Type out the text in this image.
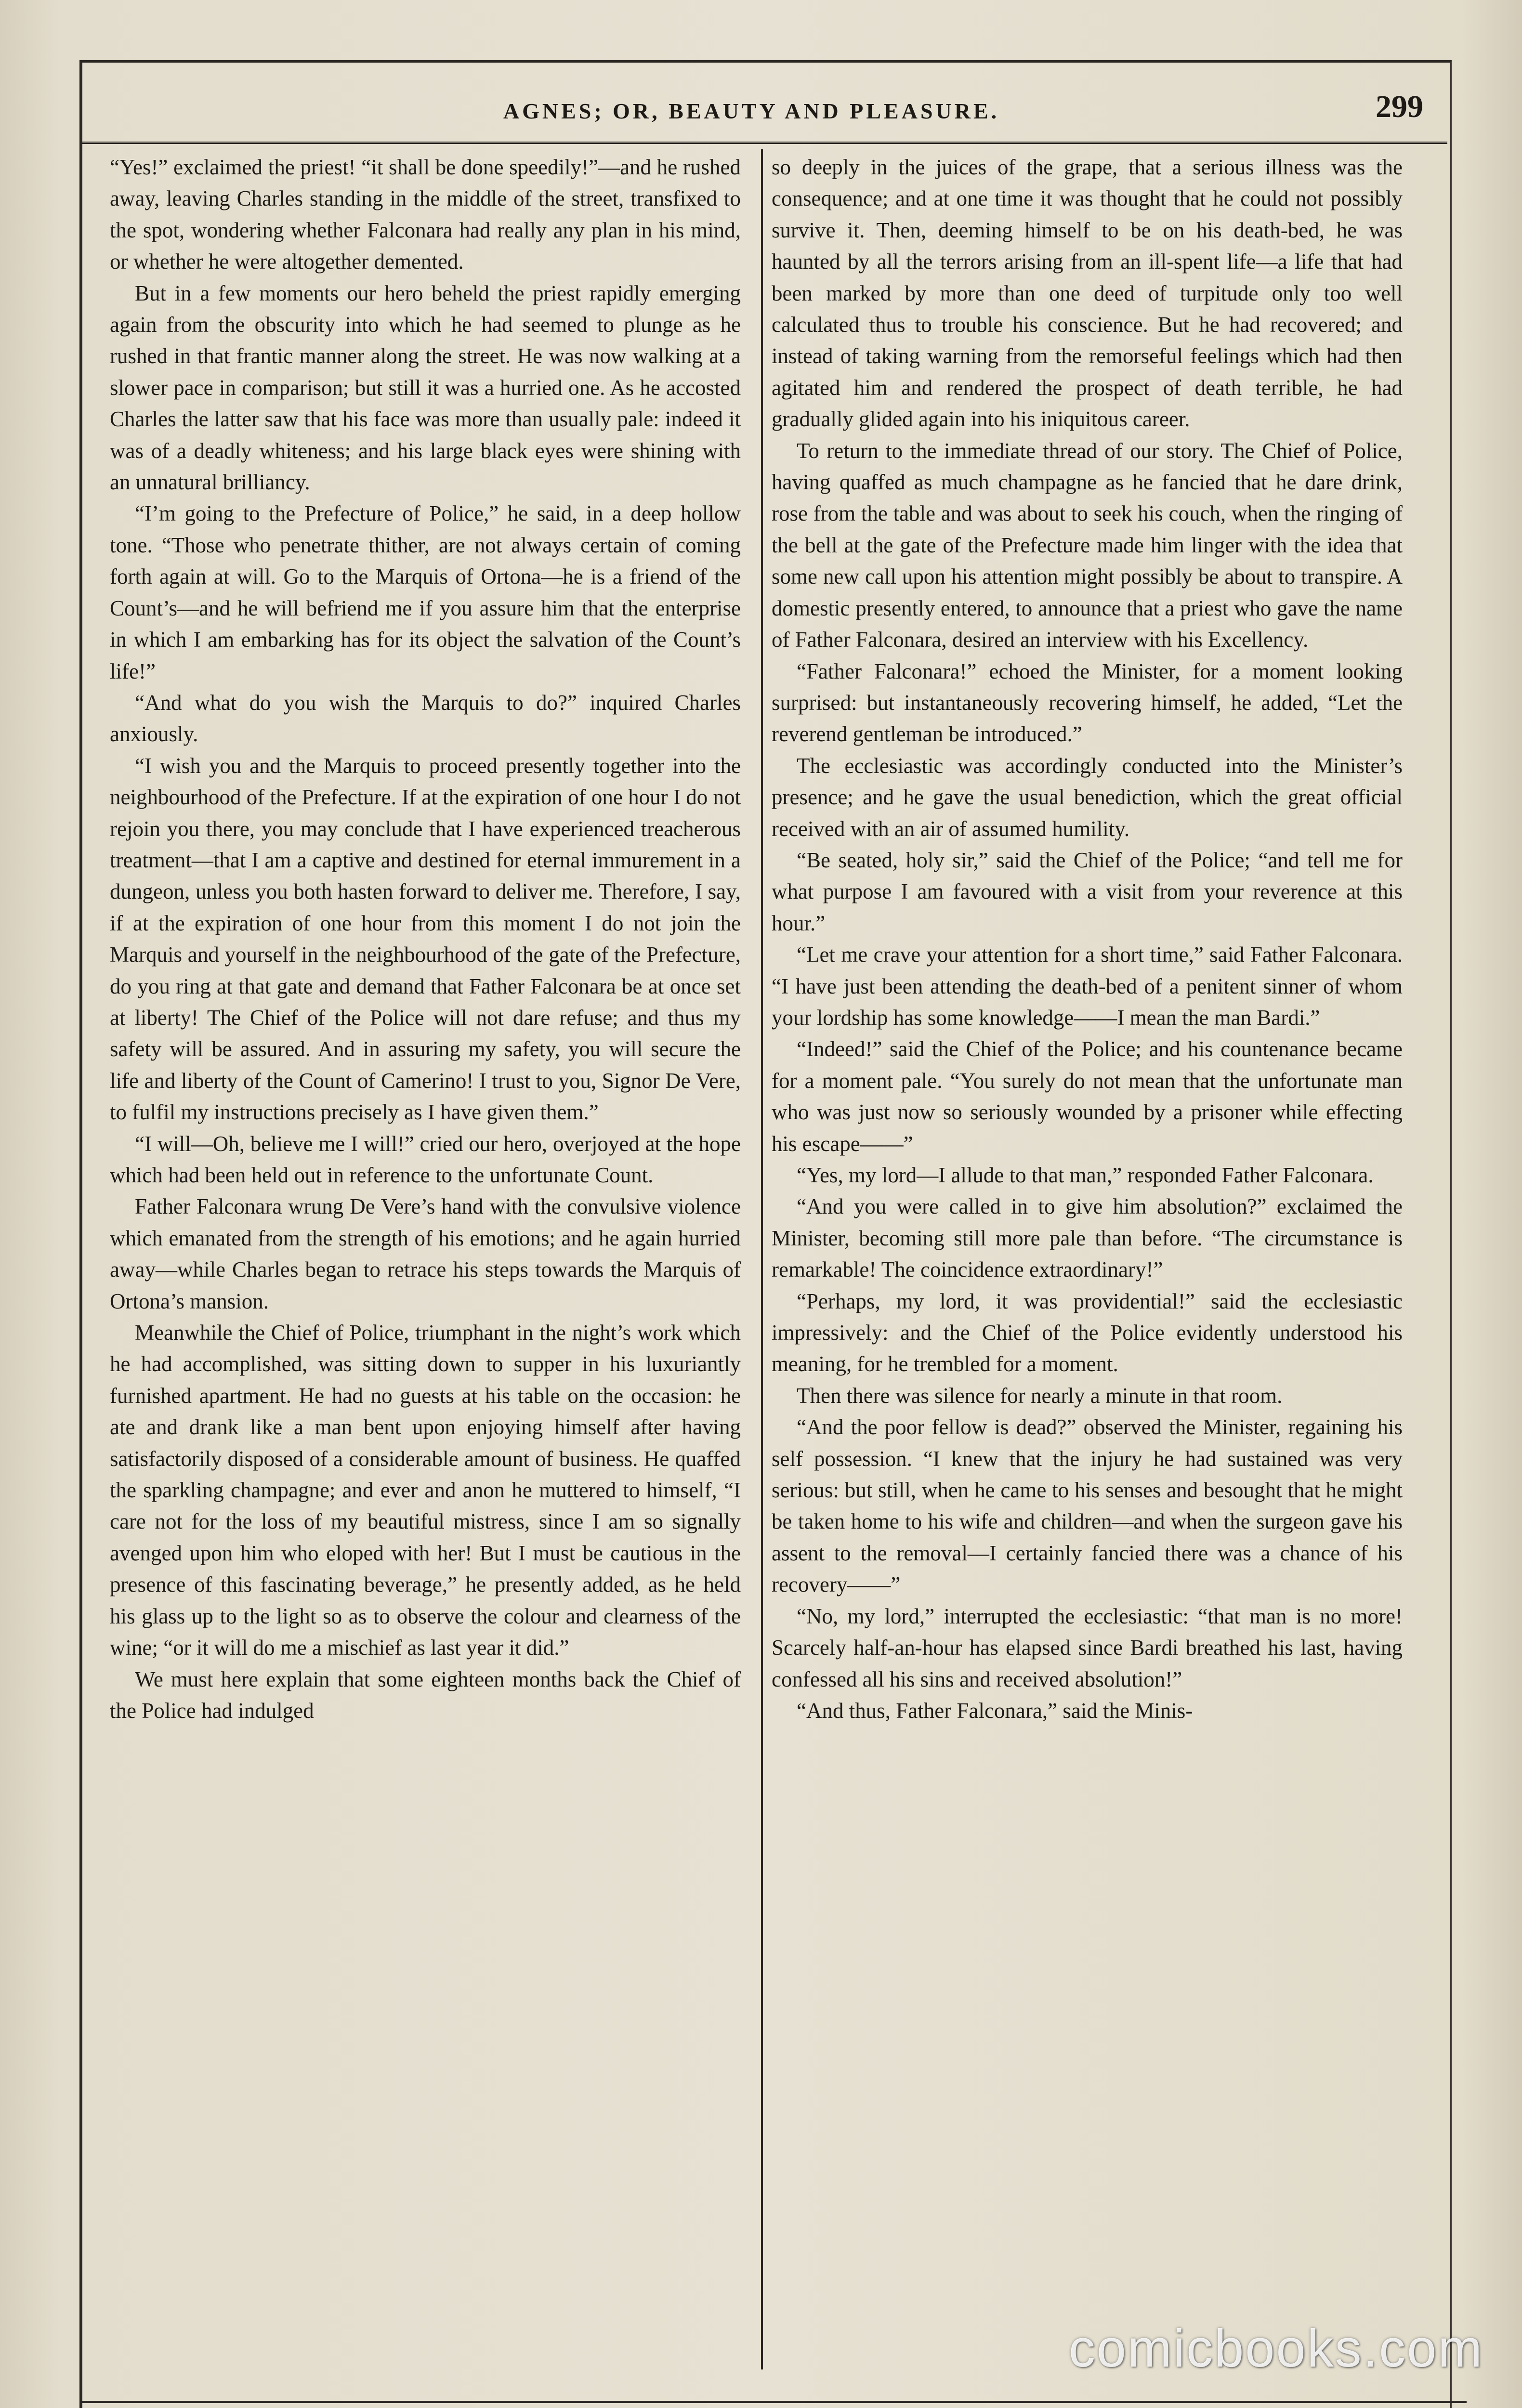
AGNES; OR, BEAUTY AND PLEASURE.	299

“Yes!” exclaimed the priest! “it shall be done speedily!”—and he rushed away, leaving Charles standing in the middle of the street, transfixed to the spot, wondering whether Falconara had really any plan in his mind, or whether he were altogether demented.

But in a few moments our hero beheld the priest rapidly emerging again from the obscurity into which he had seemed to plunge as he rushed in that frantic manner along the street. He was now walking at a slower pace in comparison; but still it was a hurried one. As he accosted Charles the latter saw that his face was more than usually pale: indeed it was of a deadly whiteness; and his large black eyes were shining with an unnatural brilliancy.

“I’m going to the Prefecture of Police,” he said, in a deep hollow tone. “Those who penetrate thither, are not always certain of coming forth again at will. Go to the Marquis of Ortona—he is a friend of the Count’s—and he will befriend me if you assure him that the enterprise in which I am embarking has for its object the salvation of the Count’s life!”

“And what do you wish the Marquis to do?” inquired Charles anxiously.

“I wish you and the Marquis to proceed presently together into the neighbourhood of the Prefecture. If at the expiration of one hour I do not rejoin you there, you may conclude that I have experienced treacherous treatment—that I am a captive and destined for eternal immurement in a dungeon, unless you both hasten forward to deliver me. Therefore, I say, if at the expiration of one hour from this moment I do not join the Marquis and yourself in the neighbourhood of the gate of the Prefecture, do you ring at that gate and demand that Father Falconara be at once set at liberty! The Chief of the Police will not dare refuse; and thus my safety will be assured. And in assuring my safety, you will secure the life and liberty of the Count of Camerino! I trust to you, Signor De Vere, to fulfil my instructions precisely as I have given them.”

“I will—Oh, believe me I will!” cried our hero, overjoyed at the hope which had been held out in reference to the unfortunate Count.

Father Falconara wrung De Vere’s hand with the convulsive violence which emanated from the strength of his emotions; and he again hurried away—while Charles began to retrace his steps towards the Marquis of Ortona’s mansion.

Meanwhile the Chief of Police, triumphant in the night’s work which he had accomplished, was sitting down to supper in his luxuriantly furnished apartment. He had no guests at his table on the occasion: he ate and drank like a man bent upon enjoying himself after having satisfactorily disposed of a considerable amount of business. He quaffed the sparkling champagne; and ever and anon he muttered to himself, “I care not for the loss of my beautiful mistress, since I am so signally avenged upon him who eloped with her! But I must be cautious in the presence of this fascinating beverage,” he presently added, as he held his glass up to the light so as to observe the colour and clearness of the wine; “or it will do me a mischief as last year it did.”

We must here explain that some eighteen months back the Chief of the Police had indulged

so deeply in the juices of the grape, that a serious illness was the consequence; and at one time it was thought that he could not possibly survive it. Then, deeming himself to be on his death-bed, he was haunted by all the terrors arising from an ill-spent life—a life that had been marked by more than one deed of turpitude only too well calculated thus to trouble his conscience. But he had recovered; and instead of taking warning from the remorseful feelings which had then agitated him and rendered the prospect of death terrible, he had gradually glided again into his iniquitous career.

To return to the immediate thread of our story. The Chief of Police, having quaffed as much champagne as he fancied that he dare drink, rose from the table and was about to seek his couch, when the ringing of the bell at the gate of the Prefecture made him linger with the idea that some new call upon his attention might possibly be about to transpire. A domestic presently entered, to announce that a priest who gave the name of Father Falconara, desired an interview with his Excellency.

“Father Falconara!” echoed the Minister, for a moment looking surprised: but instantaneously recovering himself, he added, “Let the reverend gentleman be introduced.”

The ecclesiastic was accordingly conducted into the Minister’s presence; and he gave the usual benediction, which the great official received with an air of assumed humility.

“Be seated, holy sir,” said the Chief of the Police; “and tell me for what purpose I am favoured with a visit from your reverence at this hour.”

“Let me crave your attention for a short time,” said Father Falconara. “I have just been attending the death-bed of a penitent sinner of whom your lordship has some knowledge——I mean the man Bardi.”

“Indeed!” said the Chief of the Police; and his countenance became for a moment pale. “You surely do not mean that the unfortunate man who was just now so seriously wounded by a prisoner while effecting his escape——”

“Yes, my lord—I allude to that man,” responded Father Falconara.

“And you were called in to give him absolution?” exclaimed the Minister, becoming still more pale than before. “The circumstance is remarkable! The coincidence extraordinary!”

“Perhaps, my lord, it was providential!” said the ecclesiastic impressively: and the Chief of the Police evidently understood his meaning, for he trembled for a moment.

Then there was silence for nearly a minute in that room.

“And the poor fellow is dead?” observed the Minister, regaining his self possession. “I knew that the injury he had sustained was very serious: but still, when he came to his senses and besought that he might be taken home to his wife and children—and when the surgeon gave his assent to the removal—I certainly fancied there was a chance of his recovery——”

“No, my lord,” interrupted the ecclesiastic: “that man is no more! Scarcely half-an-hour has elapsed since Bardi breathed his last, having confessed all his sins and received absolution!”

“And thus, Father Falconara,” said the Minis-

comicbooks.com
